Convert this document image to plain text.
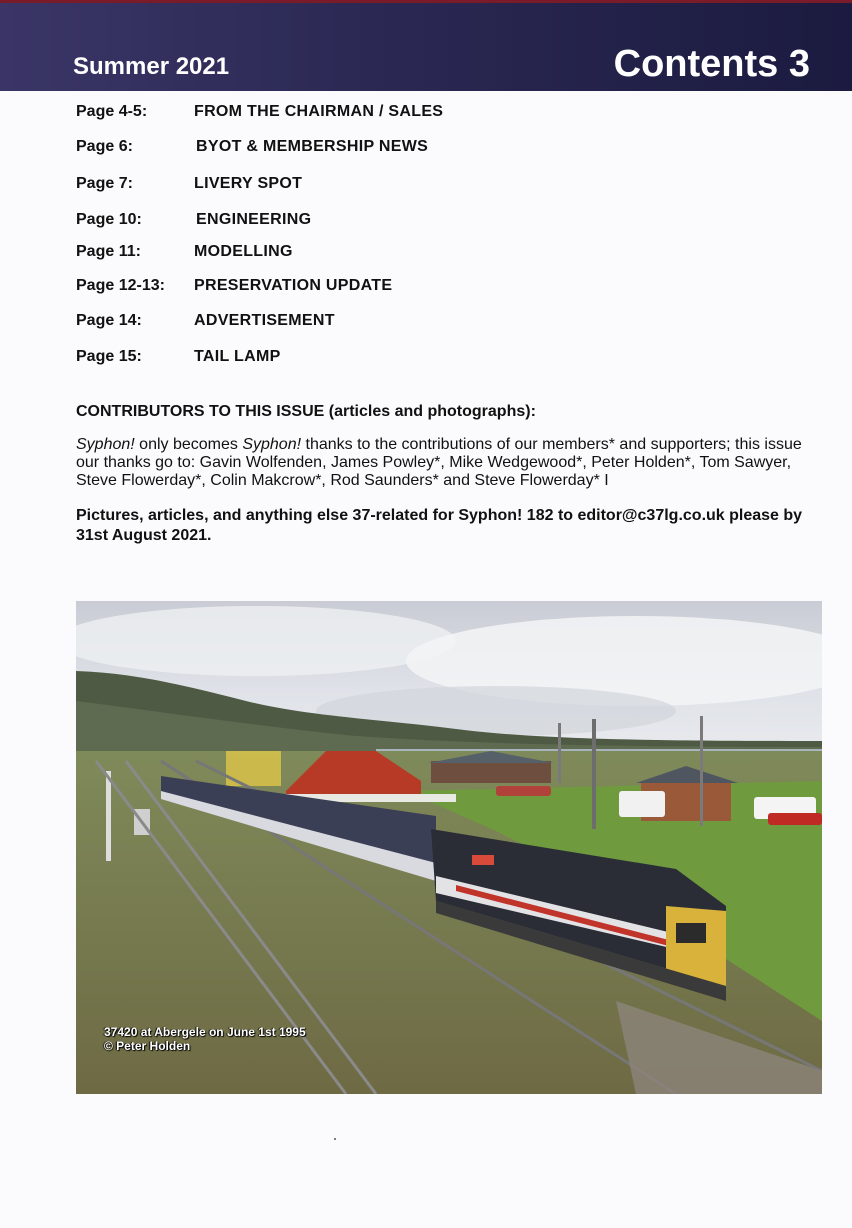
Summer 2021	Contents 3
Page 4-5:	FROM THE CHAIRMAN / SALES
Page 6:	BYOT & MEMBERSHIP NEWS
Page 7:	LIVERY SPOT
Page 10:	ENGINEERING
Page 11:	MODELLING
Page 12-13:	PRESERVATION UPDATE
Page 14:	ADVERTISEMENT
Page 15:	TAIL LAMP
CONTRIBUTORS TO THIS ISSUE (articles and photographs):
Syphon! only becomes Syphon! thanks to the contributions of our members* and supporters; this issue our thanks go to: Gavin Wolfenden, James Powley*, Mike Wedgewood*, Peter Holden*, Tom Sawyer, Steve Flowerday*, Colin Makcrow*, Rod Saunders* and Steve Flowerday* I
Pictures, articles, and anything else 37-related for Syphon! 182 to editor@c37lg.co.uk please by 31st August 2021.
37420 at Abergele on June 1st 1995
© Peter Holden
